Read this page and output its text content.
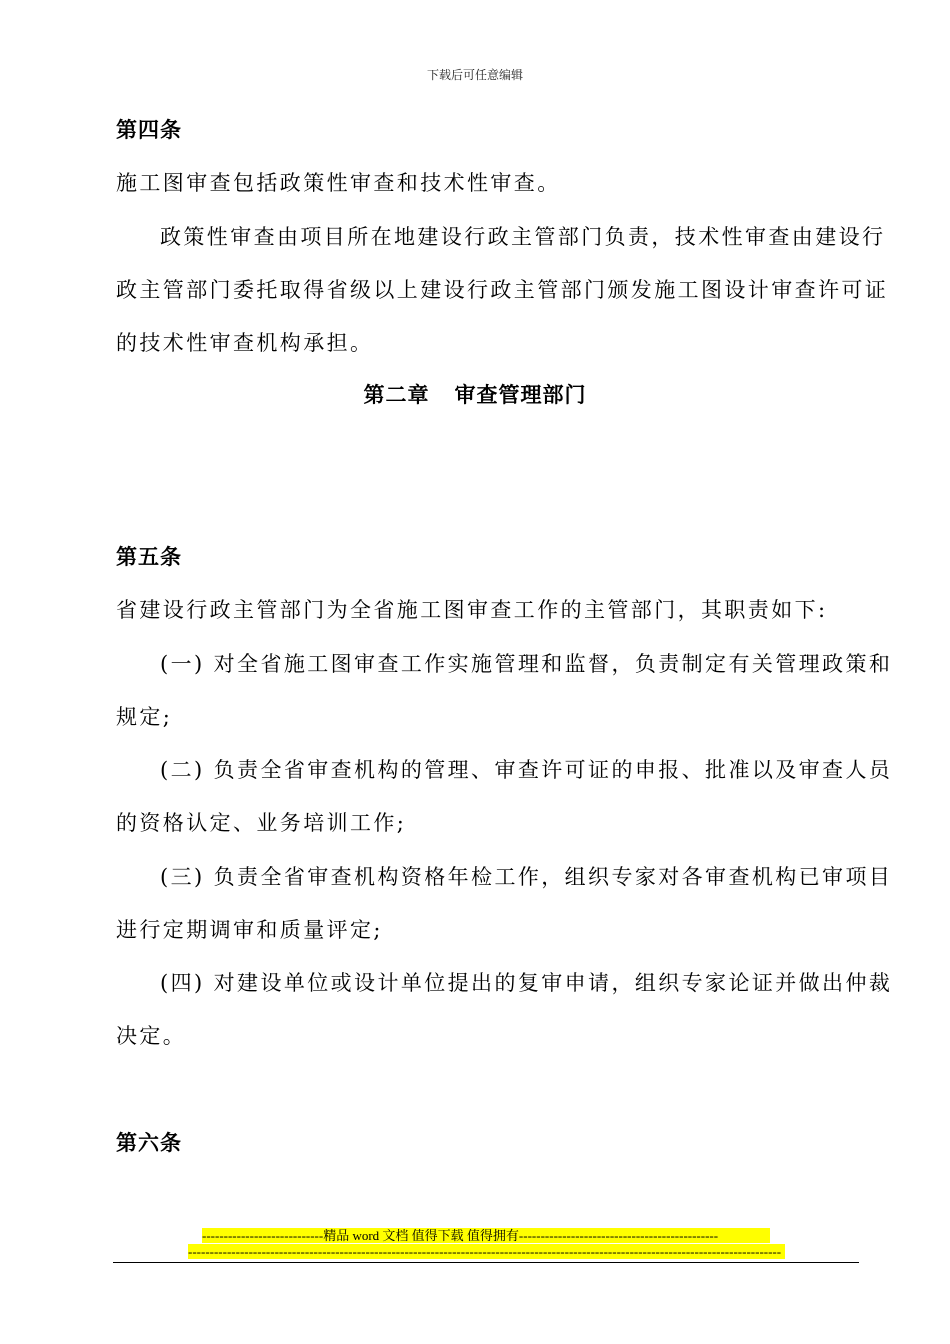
下载后可任意编辑
第四条
施工图审查包括政策性审查和技术性审查。
政策性审查由项目所在地建设行政主管部门负责，技术性审查由建设行
政主管部门委托取得省级以上建设行政主管部门颁发施工图设计审查许可证
的技术性审查机构承担。
第二章   审查管理部门
第五条
省建设行政主管部门为全省施工图审查工作的主管部门，其职责如下:
(一) 对全省施工图审查工作实施管理和监督，负责制定有关管理政策和
规定;
(二) 负责全省审查机构的管理、审查许可证的申报、批准以及审查人员
的资格认定、业务培训工作;
(三) 负责全省审查机构资格年检工作，组织专家对各审查机构已审项目
进行定期调审和质量评定;
(四) 对建设单位或设计单位提出的复审申请，组织专家论证并做出仲裁
决定。
第六条
----------------------------精品 word 文档 值得下载 值得拥有----------------------------------------------
-----------------------------------------------------------------------------------------------------------------------------------------
